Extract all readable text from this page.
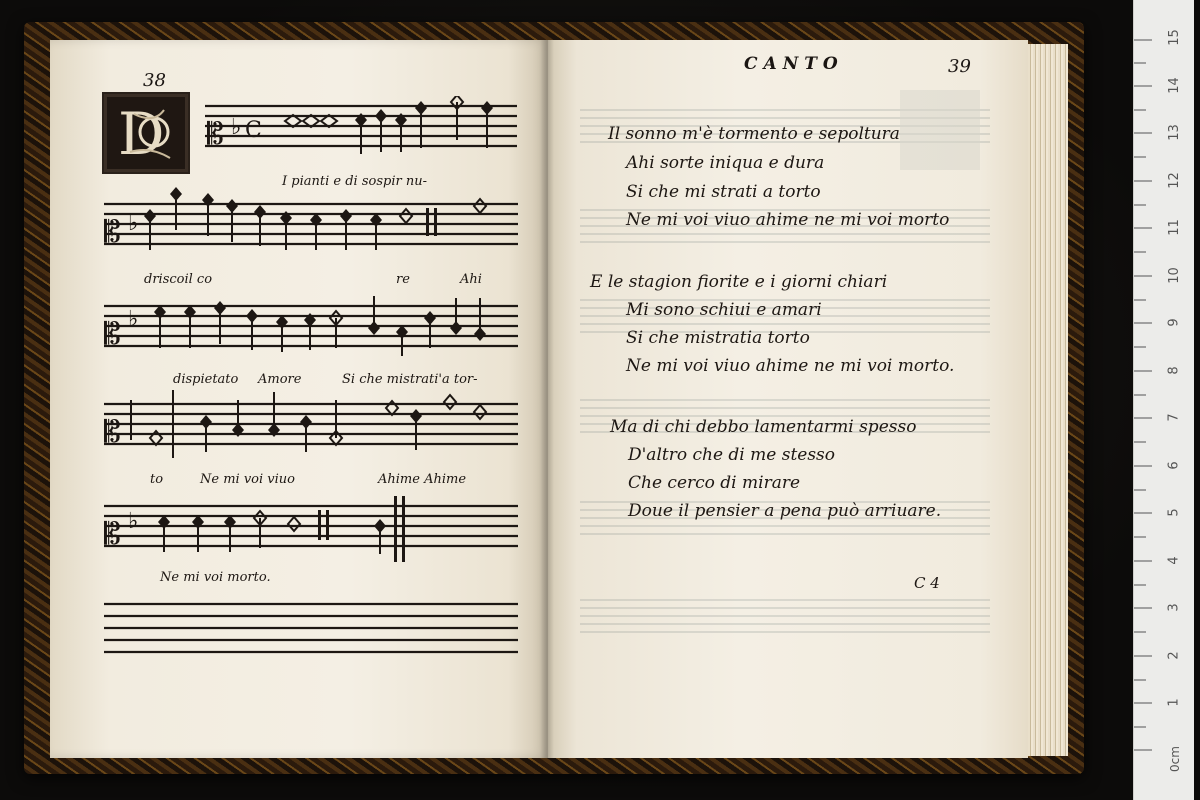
38
D 𝄡 ♭ C
I pianti e di sospir nu-
𝄡 ♭
driscoil co	re	Ahi
𝄡 ♭
dispietato Amore	Si che mistrati'a tor-
𝄡
to	Ne mi voi viuo	Ahime Ahime
𝄡 ♭
Ne mi voi morto.
CANTO	39
Il sonno m'è tormento e sepoltura
Ahi sorte iniqua e dura
Si che mi strati a torto
Ne mi voi viuo ahime ne mi voi morto
E le stagion fiorite e i giorni chiari
Mi sono schiui e amari
Si che mistratia torto
Ne mi voi viuo ahime ne mi voi morto.
Ma di chi debbo lamentarmi spesso
D'altro che di me stesso
Che cerco di mirare
Doue il pensier a pena può arriuare.
C 4
15
14
13
12
11
10
9
8
7
6
5
4
3
2
1
0cm
